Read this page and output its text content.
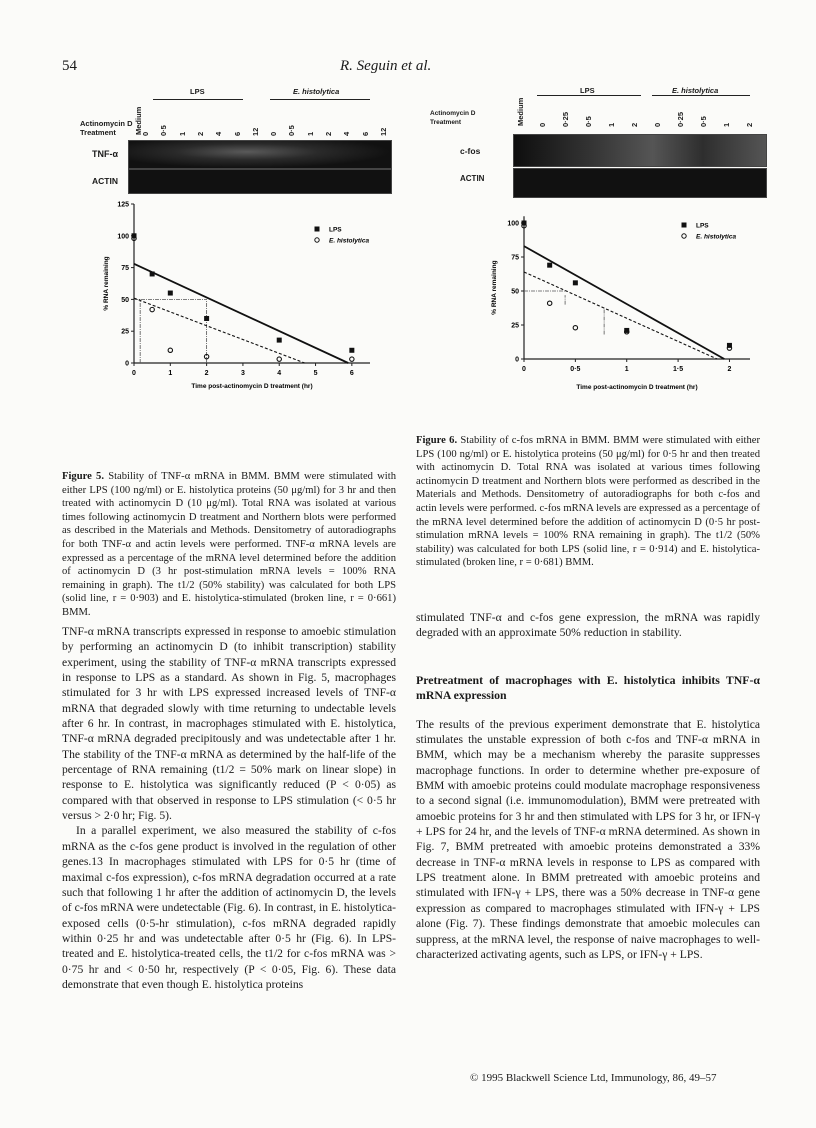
54	R. Seguin et al.
LPS	E. histolytica
Actinomycin D
Treatment Medium
0 0·5 1 2 4 6 12 0 0·5 1 2 4 6 12
TNF-α
ACTIN
LPS	E. histolytica
Actinomycin D
Treatment	Medium 0 0·25 0·5 1 2 0 0·25 0·5 1 2
c-fos
ACTIN
0	1	2	3	4	5	6
0
25
50
75
100
125
Time post-actinomycin D treatment (hr)
% RNA remaining
LPS
E. histolytica
0	0·5	1	1·5	2
0
25
50
75
100
Time post-actinomycin D treatment (hr)
% RNA remaining
LPS
E. histolytica
Figure 5. Stability of TNF-α mRNA in BMM. BMM were stimulated with either LPS (100 ng/ml) or E. histolytica proteins (50 μg/ml) for 3 hr and then treated with actinomycin D (10 μg/ml). Total RNA was isolated at various times following actinomycin D treatment and Northern blots were performed as described in the Materials and Methods. Densitometry of autoradiographs for both TNF-α and actin levels were performed. TNF-α mRNA levels are expressed as a percentage of the mRNA level determined before the addition of actinomycin D (3 hr post-stimulation mRNA levels = 100% RNA remaining in graph). The t1/2 (50% stability) was calculated for both LPS (solid line, r = 0·903) and E. histolytica-stimulated (broken line, r = 0·661) BMM.
Figure 6. Stability of c-fos mRNA in BMM. BMM were stimulated with either LPS (100 ng/ml) or E. histolytica proteins (50 μg/ml) for 0·5 hr and then treated with actinomycin D. Total RNA was isolated at various times following actinomycin D treatment and Northern blots were performed as described in the Materials and Methods. Densitometry of autoradiographs for both c-fos and actin levels were performed. c-fos mRNA levels are expressed as a percentage of the mRNA level determined before the addition of actinomycin D (0·5 hr post-stimulation mRNA levels = 100% RNA remaining in graph). The t1/2 (50% stability) was calculated for both LPS (solid line, r = 0·914) and E. histolytica-stimulated (broken line, r = 0·681) BMM.

TNF-α mRNA transcripts expressed in response to amoebic stimulation by performing an actinomycin D (to inhibit transcription) stability experiment, using the stability of TNF-α mRNA transcripts expressed in response to LPS as a standard. As shown in Fig. 5, macrophages stimulated for 3 hr with LPS expressed increased levels of TNF-α mRNA that degraded slowly with time returning to undectable levels after 6 hr. In contrast, in macrophages stimulated with E. histolytica, TNF-α mRNA degraded precipitously and was undetectable after 1 hr. The stability of the TNF-α mRNA as determined by the half-life of the percentage of RNA remaining (t1/2 = 50% mark on linear slope) in response to E. histolytica was significantly reduced (P < 0·05) as compared with that observed in response to LPS stimulation (< 0·5 hr versus > 2·0 hr; Fig. 5).

In a parallel experiment, we also measured the stability of c-fos mRNA as the c-fos gene product is involved in the regulation of other genes.13 In macrophages stimulated with LPS for 0·5 hr (time of maximal c-fos expression), c-fos mRNA degradation occurred at a rate such that following 1 hr after the addition of actinomycin D, the levels of c-fos mRNA were undetectable (Fig. 6). In contrast, in E. histolytica-exposed cells (0·5-hr stimulation), c-fos mRNA degraded rapidly within 0·25 hr and was undetectable after 0·5 hr (Fig. 6). In LPS-treated and E. histolytica-treated cells, the t1/2 for c-fos mRNA was > 0·75 hr and < 0·50 hr, respectively (P < 0·05, Fig. 6). These data demonstrate that even though E. histolytica proteins

stimulated TNF-α and c-fos gene expression, the mRNA was rapidly degraded with an approximate 50% reduction in stability.

Pretreatment of macrophages with E. histolytica inhibits TNF-α mRNA expression

The results of the previous experiment demonstrate that E. histolytica stimulates the unstable expression of both c-fos and TNF-α mRNA in BMM, which may be a mechanism whereby the parasite suppresses macrophage functions. In order to determine whether pre-exposure of BMM with amoebic proteins could modulate macrophage responsiveness to a second signal (i.e. immunomodulation), BMM were pretreated with amoebic proteins for 3 hr and then stimulated with LPS for 3 hr, or IFN-γ + LPS for 24 hr, and the levels of TNF-α mRNA determined. As shown in Fig. 7, BMM pretreated with amoebic proteins demonstrated a 33% decrease in TNF-α mRNA levels in response to LPS as compared with LPS treatment alone. In BMM pretreated with amoebic proteins and stimulated with IFN-γ + LPS, there was a 50% decrease in TNF-α gene expression as compared to macrophages stimulated with IFN-γ + LPS alone (Fig. 7). These findings demonstrate that amoebic molecules can suppress, at the mRNA level, the response of naive macrophages to well-characterized activating agents, such as LPS, or IFN-γ + LPS.

© 1995 Blackwell Science Ltd, Immunology, 86, 49–57
